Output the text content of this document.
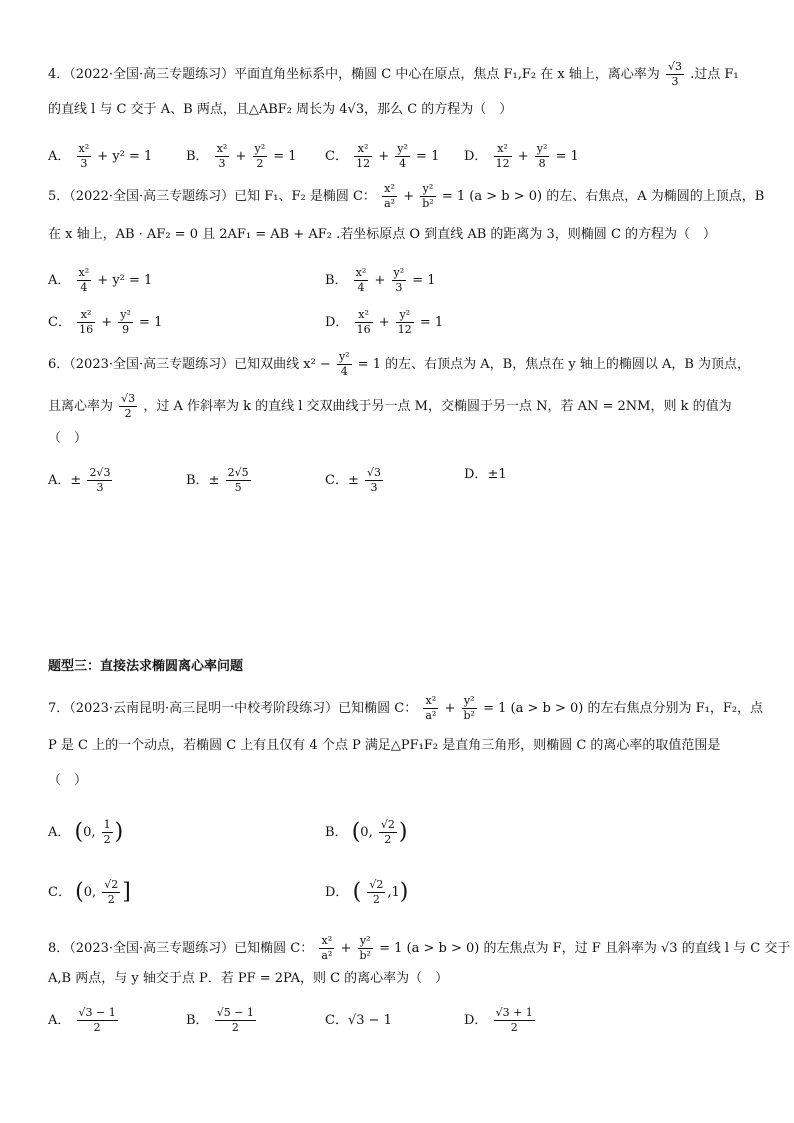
4．（2022·全国·高三专题练习）平面直角坐标系中，椭圆 C 中心在原点，焦点 F₁,F₂ 在 x 轴上，离心率为 $\frac{√3}{3}$ .过点 F₁
的直线 l 与 C 交于 A、B 两点，且△ABF₂ 周长为 4√3，那么 C 的方程为（　）
A． $\frac{\text{x²}}{3} + y^2 = 1$	B． $\frac{\text{x²}}{3} + \frac{\text{y²}}{2} = 1$ C． $\frac{\text{x²}}{12} + \frac{\text{y²}}{4} = 1$ D． $\frac{\text{x²}}{12} + \frac{\text{y²}}{8} = 1$
5．（2022·全国·高三专题练习）已知 F₁、F₂ 是椭圆 C： $\frac{\text{x²}}{\text{a²}} + \frac{\text{y²}}{\text{b²}} = 1$ (a > b > 0) 的左、右焦点，A 为椭圆的上顶点，B
在 x 轴上，AB · AF₂ = 0 且 2AF₁ = AB + AF₂ .若坐标原点 O 到直线 AB 的距离为 3，则椭圆 C 的方程为（　）
A． $\frac{\text{x²}}{4} + y^2 = 1$	B． $\frac{\text{x²}}{4} + \frac{\text{y²}}{3} = 1$
C． $\frac{\text{x²}}{16} + \frac{\text{y²}}{9} = 1$	D． $\frac{\text{x²}}{16} + \frac{\text{y²}}{12} = 1$
6．（2023·全国·高三专题练习）已知双曲线 $x^2 - \frac{\text{y²}}{4} = 1$ 的左、右顶点为 A，B，焦点在 y 轴上的椭圆以 A，B 为顶点，
且离心率为 $\frac{√3}{2}$ ，过 A 作斜率为 k 的直线 l 交双曲线于另一点 M，交椭圆于另一点 N，若 AN = 2NM，则 k 的值为
（　）
A．± $\frac{2√3}{3}$	B．± $\frac{2√5}{5}$	C．± $\frac{√3}{3}$	D．±1
题型三：直接法求椭圆离心率问题
7．（2023·云南昆明·高三昆明一中校考阶段练习）已知椭圆 C： $\frac{\text{x²}}{\text{a²}} + \frac{\text{y²}}{\text{b²}} = 1$ (a > b > 0) 的左右焦点分别为 F₁，F₂，点
P 是 C 上的一个动点，若椭圆 C 上有且仅有 4 个点 P 满足△PF₁F₂ 是直角三角形，则椭圆 C 的离心率的取值范围是
（　）
A． (0, $\frac{1}{2}$ )	B． (0, $\frac{√2}{2}$ )
C． (0, $\frac{√2}{2}$ ]	D． ( $\frac{√2}{2} ,1$)
8．（2023·全国·高三专题练习）已知椭圆 C： $\frac{\text{x²}}{\text{a²}} + \frac{\text{y²}}{\text{b²}} = 1$ (a > b > 0) 的左焦点为 F，过 F 且斜率为 √3 的直线 l 与 C 交于
A,B 两点，与 y 轴交于点 P．若 PF = 2PA，则 C 的离心率为（　）
A． $\frac{√3 - 1}{2}$	B． $\frac{√5 - 1}{2}$	C．√3 − 1	D． $\frac{√3 + 1}{2}$
